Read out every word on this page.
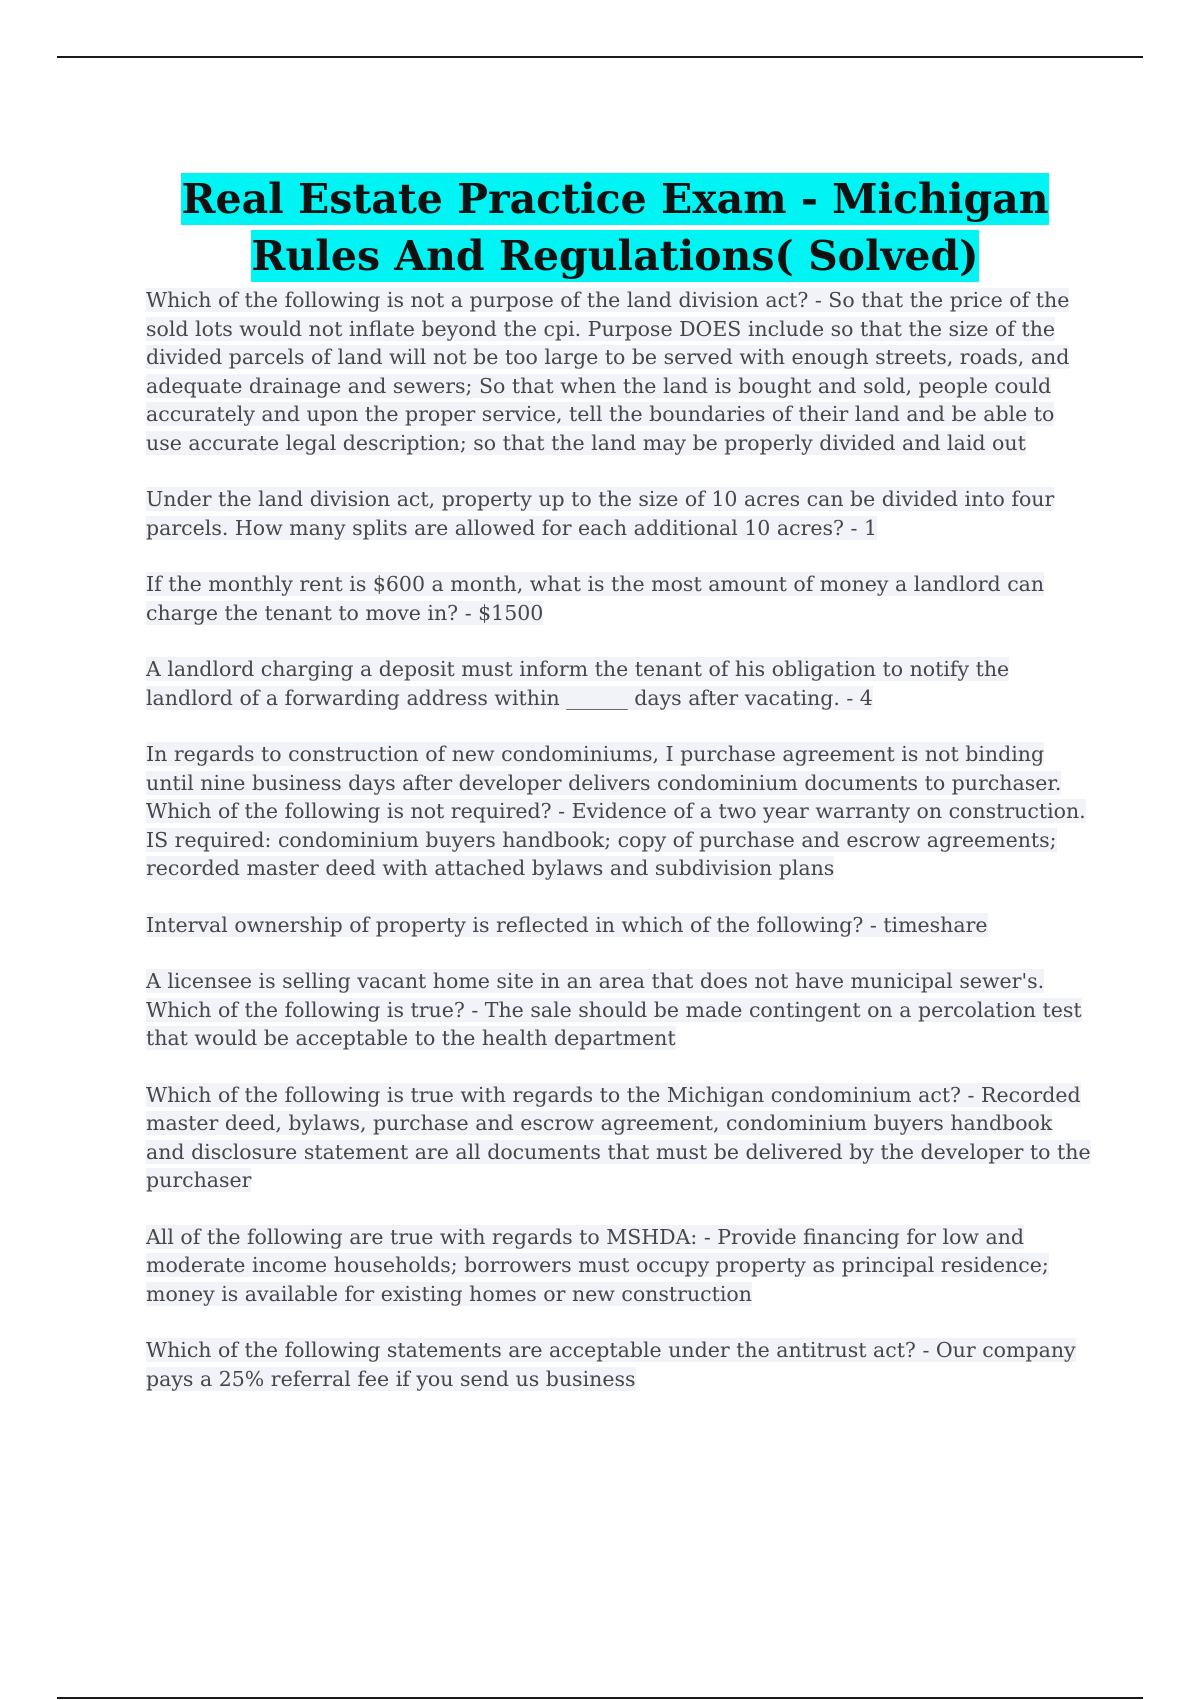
Real Estate Practice Exam - Michigan Rules And Regulations( Solved)

Which of the following is not a purpose of the land division act? - So that the price of the sold lots would not inflate beyond the cpi. Purpose DOES include so that the size of the divided parcels of land will not be too large to be served with enough streets, roads, and adequate drainage and sewers; So that when the land is bought and sold, people could accurately and upon the proper service, tell the boundaries of their land and be able to use accurate legal description; so that the land may be properly divided and laid out

Under the land division act, property up to the size of 10 acres can be divided into four parcels. How many splits are allowed for each additional 10 acres? - 1

If the monthly rent is $600 a month, what is the most amount of money a landlord can charge the tenant to move in? - $1500

A landlord charging a deposit must inform the tenant of his obligation to notify the landlord of a forwarding address within ______ days after vacating. - 4

In regards to construction of new condominiums, I purchase agreement is not binding until nine business days after developer delivers condominium documents to purchaser. Which of the following is not required? - Evidence of a two year warranty on construction. IS required: condominium buyers handbook; copy of purchase and escrow agreements; recorded master deed with attached bylaws and subdivision plans

Interval ownership of property is reflected in which of the following? - timeshare

A licensee is selling vacant home site in an area that does not have municipal sewer's. Which of the following is true? - The sale should be made contingent on a percolation test that would be acceptable to the health department

Which of the following is true with regards to the Michigan condominium act? - Recorded master deed, bylaws, purchase and escrow agreement, condominium buyers handbook and disclosure statement are all documents that must be delivered by the developer to the purchaser

All of the following are true with regards to MSHDA: - Provide financing for low and moderate income households; borrowers must occupy property as principal residence; money is available for existing homes or new construction

Which of the following statements are acceptable under the antitrust act? - Our company pays a 25% referral fee if you send us business
